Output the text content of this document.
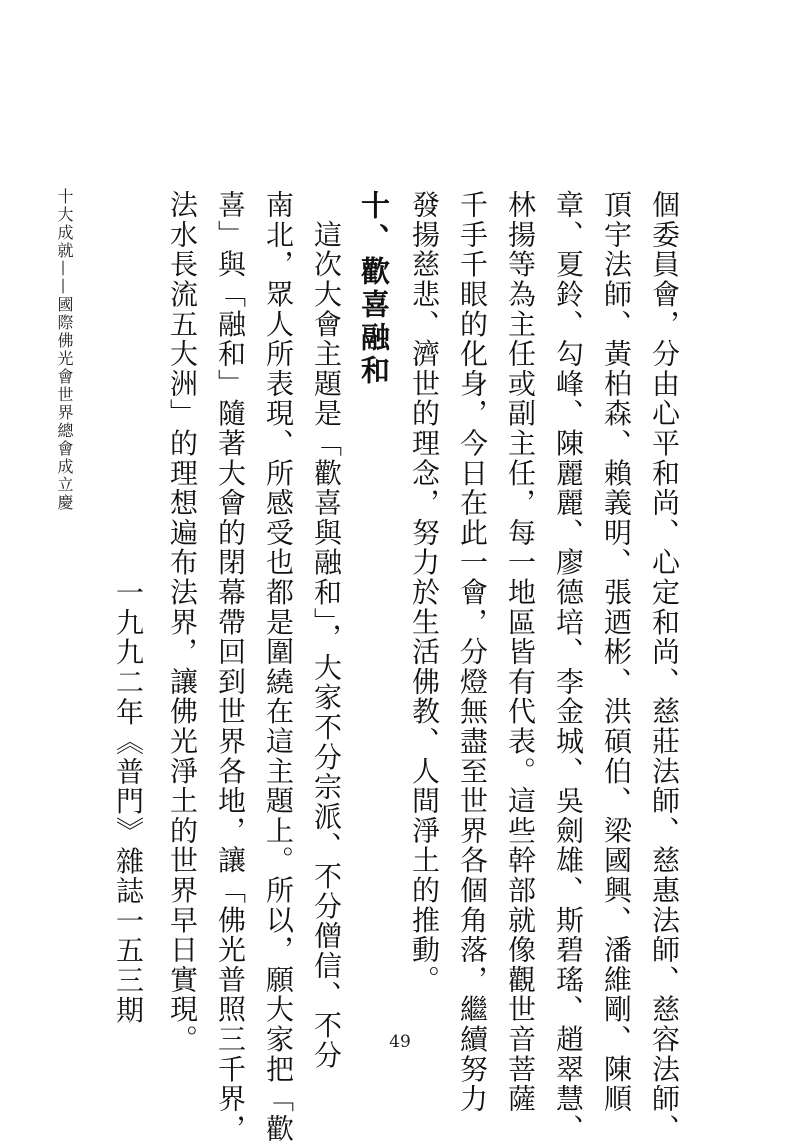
十大成就——國際佛光會世界總會成立慶	個委員會，分由心平和尚、心定和尚、慈莊法師、慈惠法師、慈容法師、
頂宇法師、黃柏森、賴義明、張迺彬、洪碩伯、梁國興、潘維剛、陳順
章、夏鈴、勾峰、陳麗麗、廖德培、李金城、吳劍雄、斯碧瑤、趙翠慧、
林揚等為主任或副主任，每一地區皆有代表。這些幹部就像觀世音菩薩
千手千眼的化身，今日在此一會，分燈無盡至世界各個角落，繼續努力
發揚慈悲、濟世的理念，努力於生活佛教、人間淨土的推動。
十、歡喜融和
　這次大會主題是「歡喜與融和」，大家不分宗派、不分僧信、不分
南北，眾人所表現、所感受也都是圍繞在這主題上。所以，願大家把「歡
喜」與「融和」隨著大會的閉幕帶回到世界各地，讓「佛光普照三千界，
法水長流五大洲」的理想遍布法界，讓佛光淨土的世界早日實現。
一九九二年《普門》雜誌一五三期
49
